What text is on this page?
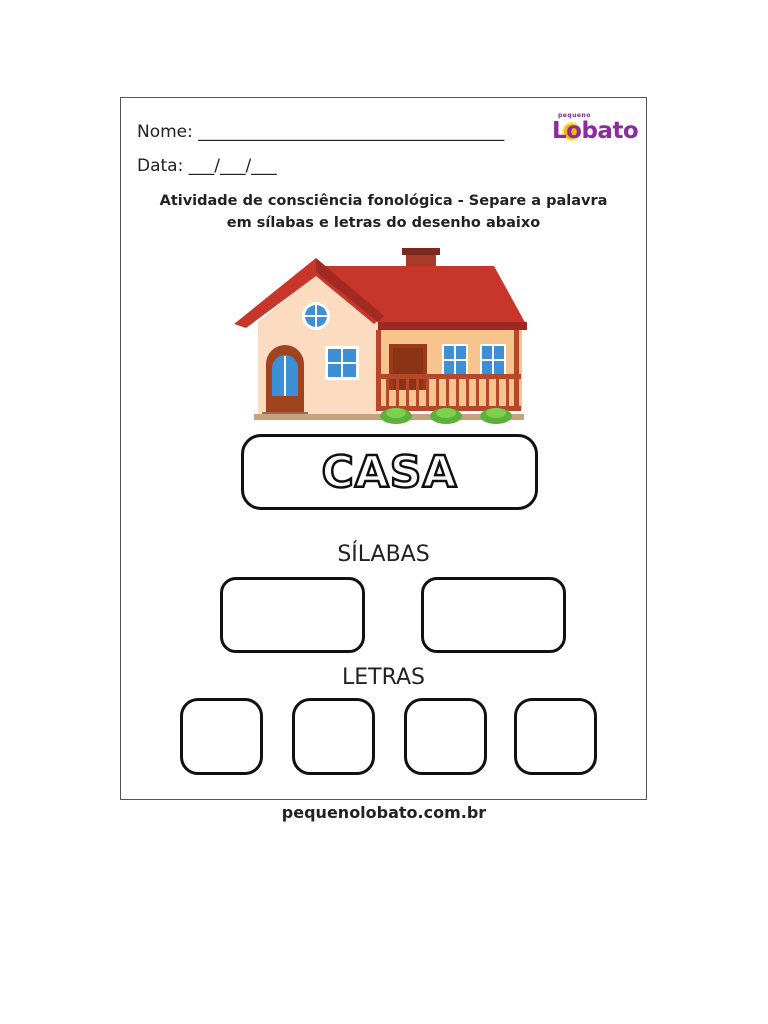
Nome: ____________________________________
Data: ___/___/___
pequeno
Lobato
Atividade de consciência fonológica - Separe a palavra
em sílabas e letras do desenho abaixo
CASA
SÍLABAS
LETRAS
pequenolobato.com.br
